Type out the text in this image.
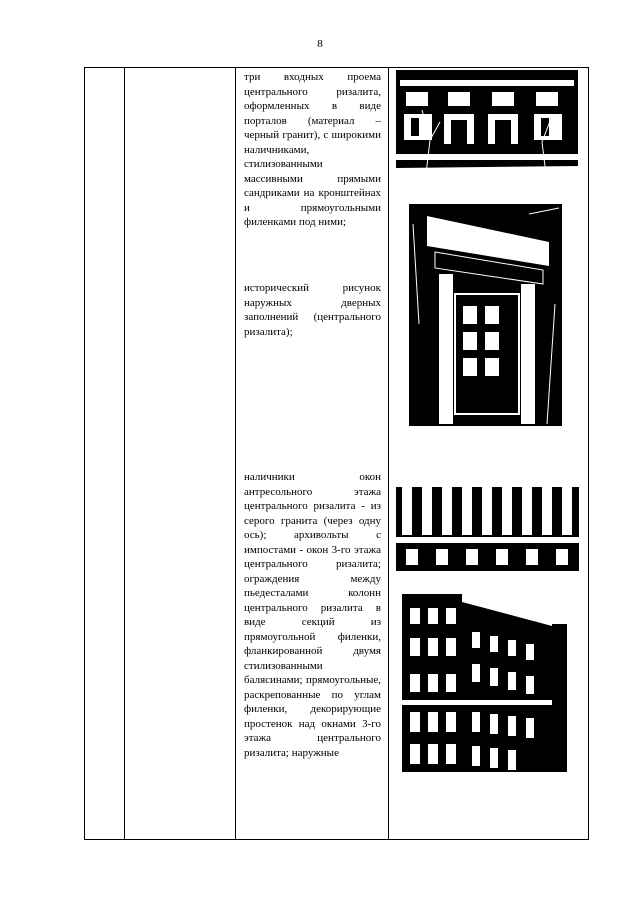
8

три входных проема центрального ризалита, оформленных в виде порталов (материал – черный гранит), с широкими наличниками, стилизованными массивными прямыми сандриками на кронштейнах и прямоугольными филенками под ними;

исторический рисунок наружных дверных заполнений (центрального ризалита);

наличники окон антресольного этажа центрального ризалита - из серого гранита (через одну ось); архивольты с импостами - окон 3-го этажа центрального ризалита; ограждения между пьедесталами колонн центрального ризалита в виде секций из прямоугольной филенки, фланкированной двумя стилизованными балясинами; прямоугольные, раскрепованные по углам филенки, декорирующие простенок над окнами 3-го этажа центрального ризалита; наружные
